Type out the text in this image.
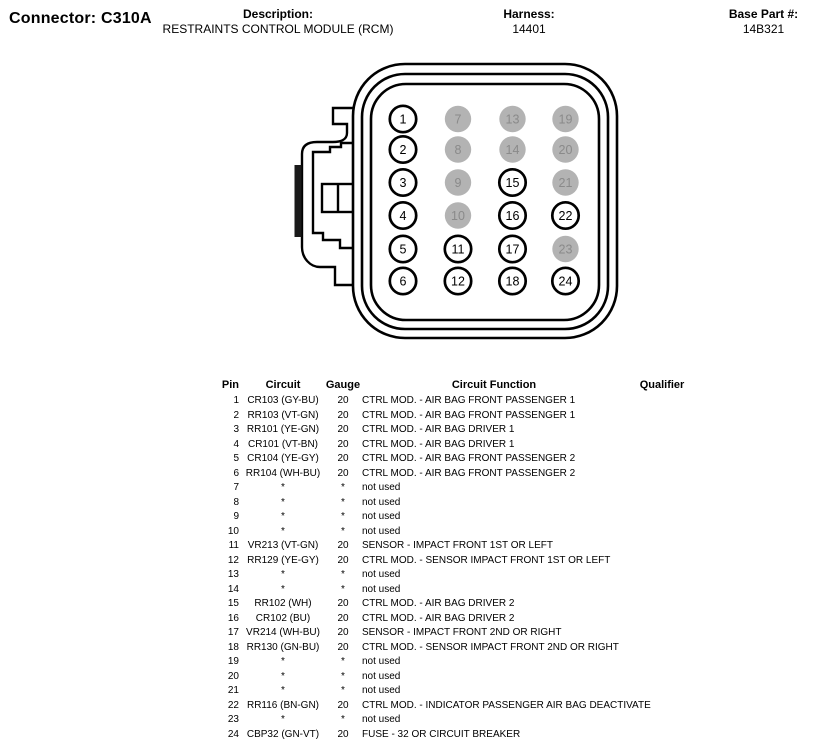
Connector: C310A	Description:
RESTRAINTS CONTROL MODULE (RCM)
Harness:
14401
Base Part #:
14B321
1
2
3
4
5
6
7
8
9
10
11
12
13
14
15
16
17
18
19
20
21
22
23
24
Pin	Circuit	Gauge	Circuit Function	Qualifier
1 CR103 (GY-BU)	20	CTRL MOD. - AIR BAG FRONT PASSENGER 1
2 RR103 (VT-GN)	20	CTRL MOD. - AIR BAG FRONT PASSENGER 1
3 RR101 (YE-GN)	20	CTRL MOD. - AIR BAG DRIVER 1
4 CR101 (VT-BN)	20	CTRL MOD. - AIR BAG DRIVER 1
5 CR104 (YE-GY)	20	CTRL MOD. - AIR BAG FRONT PASSENGER 2
6 RR104 (WH-BU)	20	CTRL MOD. - AIR BAG FRONT PASSENGER 2
7	*	*	not used
8	*	*	not used
9	*	*	not used
10	*	*	not used
11 VR213 (VT-GN)	20	SENSOR - IMPACT FRONT 1ST OR LEFT
12 RR129 (YE-GY)	20	CTRL MOD. - SENSOR IMPACT FRONT 1ST OR LEFT
13	*	*	not used
14	*	*	not used
15	RR102 (WH)	20	CTRL MOD. - AIR BAG DRIVER 2
16	CR102 (BU)	20	CTRL MOD. - AIR BAG DRIVER 2
17 VR214 (WH-BU)	20	SENSOR - IMPACT FRONT 2ND OR RIGHT
18 RR130 (GN-BU)	20	CTRL MOD. - SENSOR IMPACT FRONT 2ND OR RIGHT
19	*	*	not used
20	*	*	not used
21	*	*	not used
22 RR116 (BN-GN)	20	CTRL MOD. - INDICATOR PASSENGER AIR BAG DEACTIVATE
23	*	*	not used
24 CBP32 (GN-VT)	20	FUSE - 32 OR CIRCUIT BREAKER
